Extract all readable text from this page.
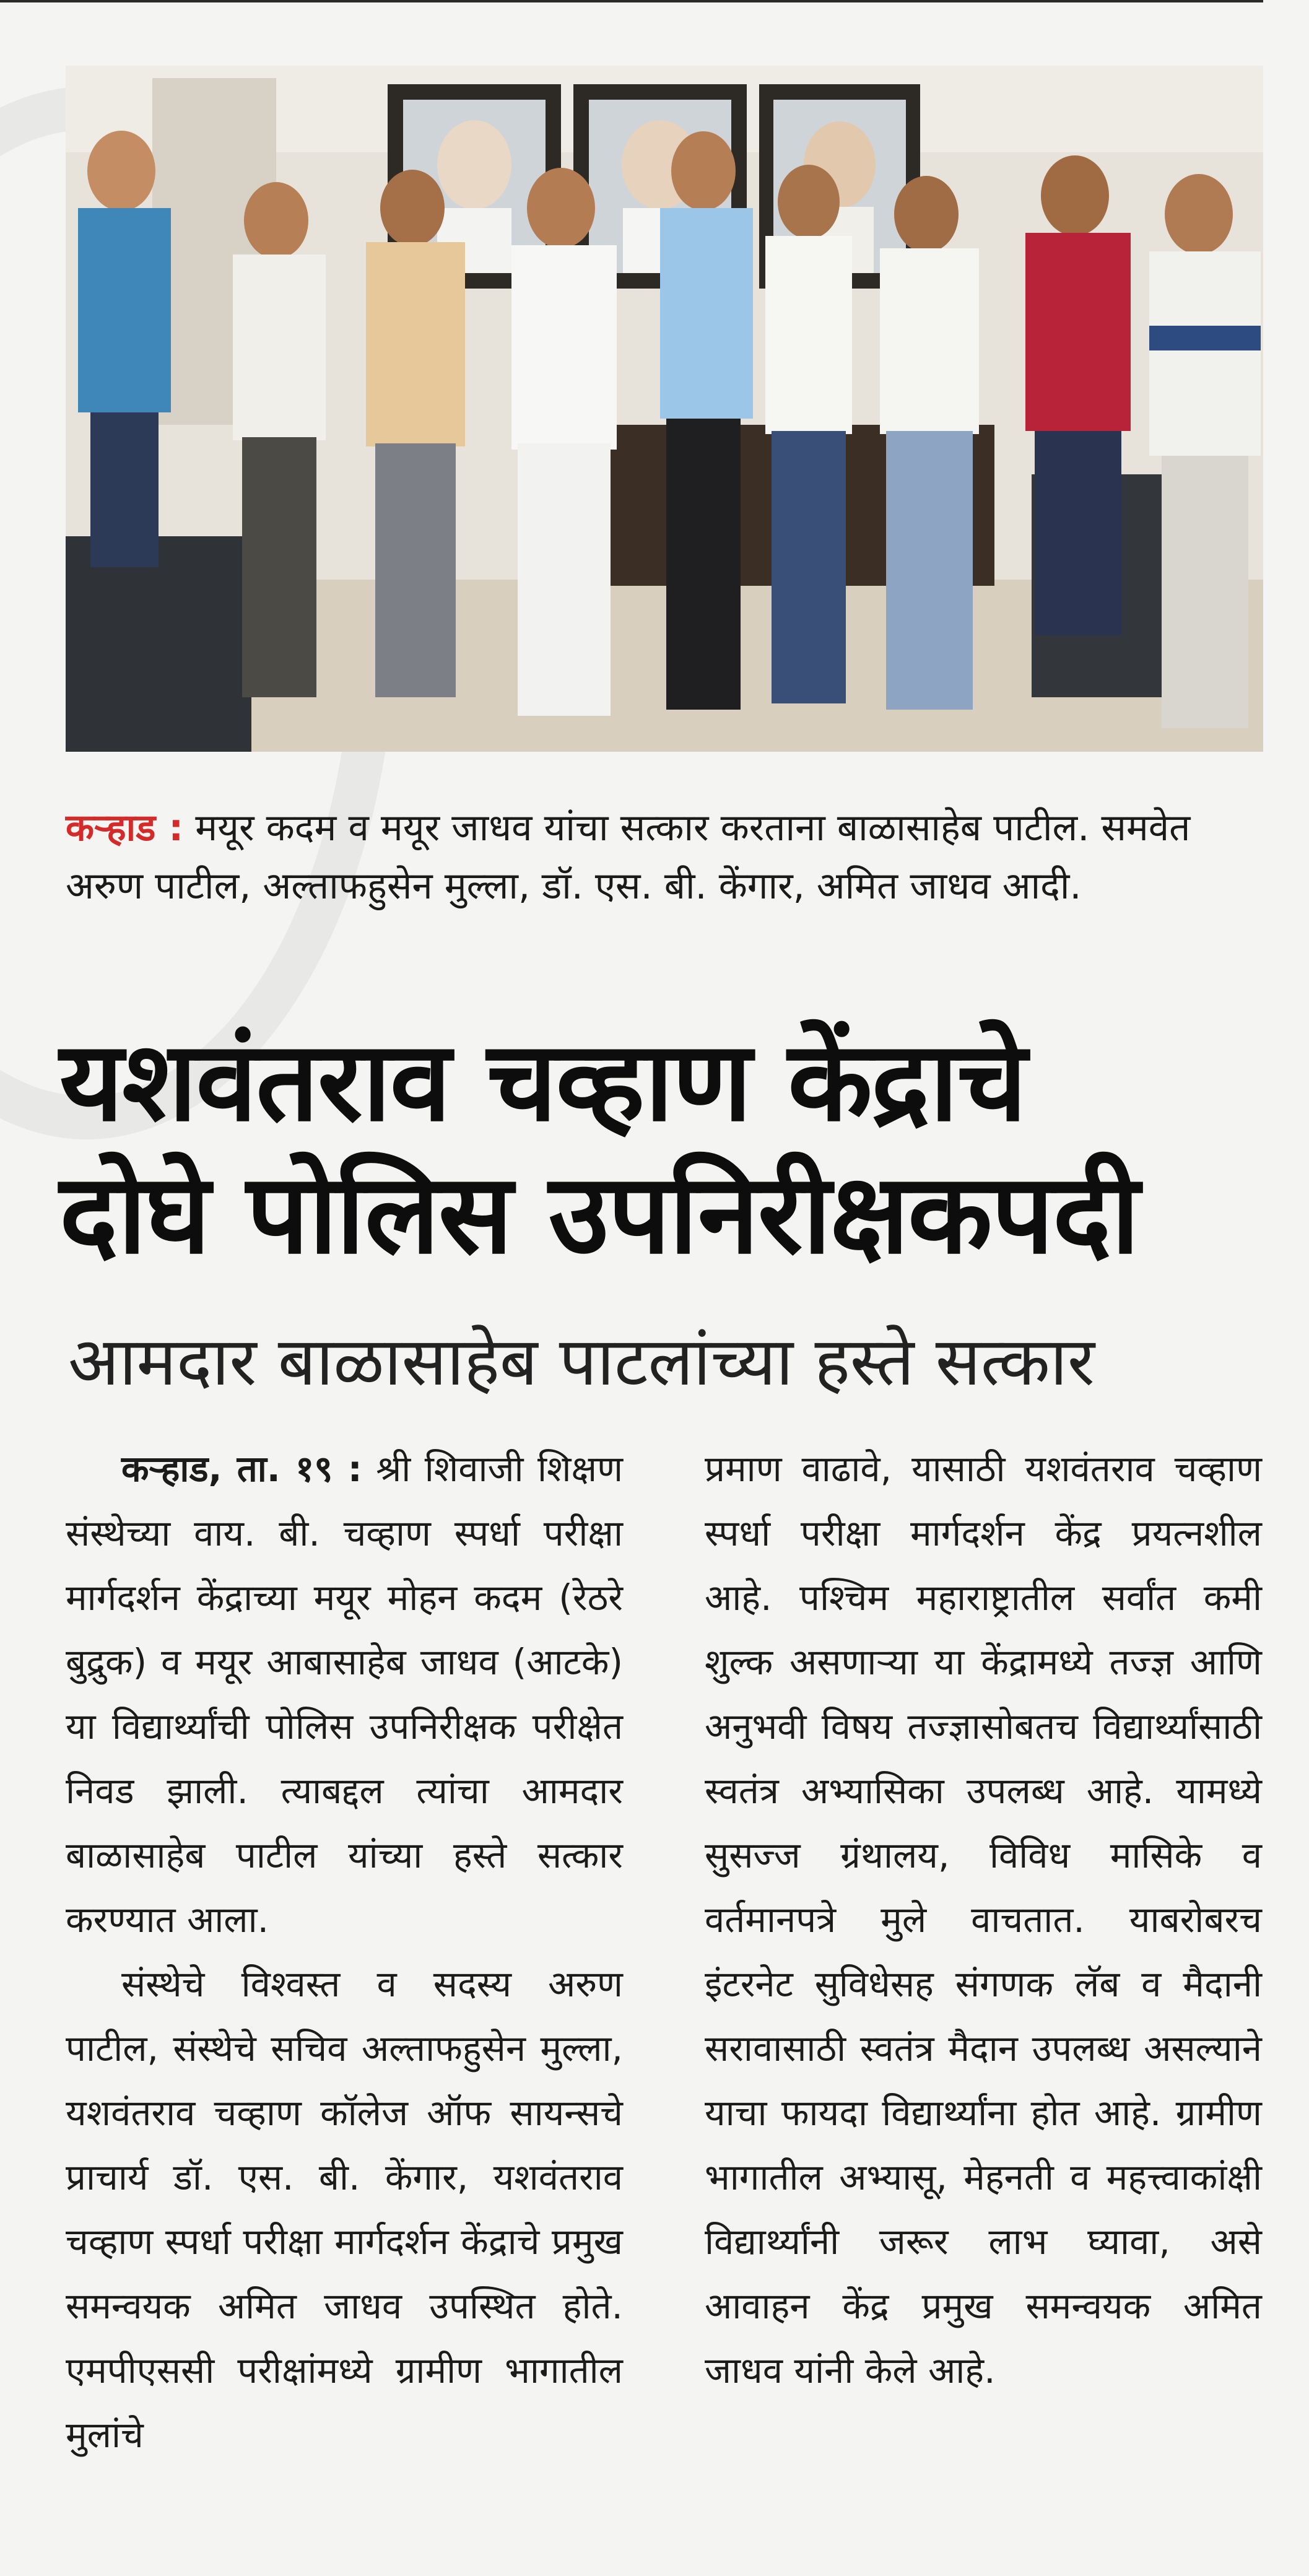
कऱ्हाड : मयूर कदम व मयूर जाधव यांचा सत्कार करताना बाळासाहेब पाटील. समवेत अरुण पाटील, अल्ताफहुसेन मुल्ला, डॉ. एस. बी. केंगार, अमित जाधव आदी.
यशवंतराव चव्हाण केंद्राचे
दोघे पोलिस उपनिरीक्षकपदी
आमदार बाळासाहेब पाटलांच्या हस्ते सत्कार

कऱ्हाड, ता. १९ : श्री शिवाजी शिक्षण संस्थेच्या वाय. बी. चव्हाण स्पर्धा परीक्षा मार्गदर्शन केंद्राच्या मयूर मोहन कदम (रेठरे बुद्रुक) व मयूर आबासाहेब जाधव (आटके) या विद्यार्थ्यांची पोलिस उपनिरीक्षक परीक्षेत निवड झाली. त्याबद्दल त्यांचा आमदार बाळासाहेब पाटील यांच्या हस्ते सत्कार करण्यात आला.

संस्थेचे विश्वस्त व सदस्य अरुण पाटील, संस्थेचे सचिव अल्ताफहुसेन मुल्ला, यशवंतराव चव्हाण कॉलेज ऑफ सायन्सचे प्राचार्य डॉ. एस. बी. केंगार, यशवंतराव चव्हाण स्पर्धा परीक्षा मार्गदर्शन केंद्राचे प्रमुख समन्वयक अमित जाधव उपस्थित होते. एमपीएससी परीक्षांमध्ये ग्रामीण भागातील मुलांचे

प्रमाण वाढावे, यासाठी यशवंतराव चव्हाण स्पर्धा परीक्षा मार्गदर्शन केंद्र प्रयत्नशील आहे. पश्चिम महाराष्ट्रातील सर्वांत कमी शुल्क असणाऱ्या या केंद्रामध्ये तज्ज्ञ आणि अनुभवी विषय तज्ज्ञासोबतच विद्यार्थ्यांसाठी स्वतंत्र अभ्यासिका उपलब्ध आहे. यामध्ये सुसज्ज ग्रंथालय, विविध मासिके व वर्तमानपत्रे मुले वाचतात. याबरोबरच इंटरनेट सुविधेसह संगणक लॅब व मैदानी सरावासाठी स्वतंत्र मैदान उपलब्ध असल्याने याचा फायदा विद्यार्थ्यांना होत आहे. ग्रामीण भागातील अभ्यासू, मेहनती व महत्त्वाकांक्षी विद्यार्थ्यांनी जरूर लाभ घ्यावा, असे आवाहन केंद्र प्रमुख समन्वयक अमित जाधव यांनी केले आहे.
